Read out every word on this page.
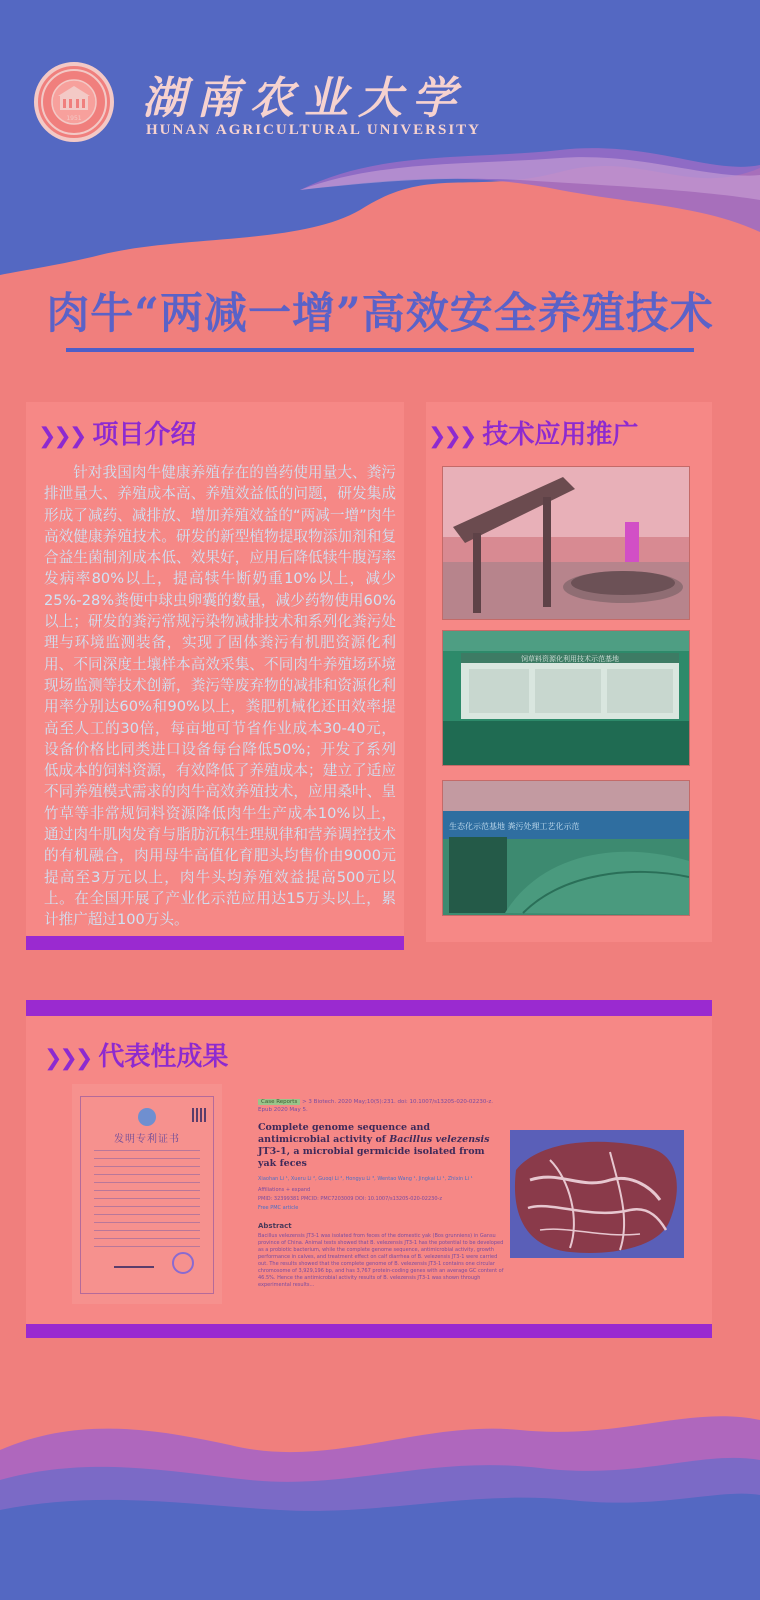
1951 湖南农业大学
HUNAN AGRICULTURAL UNIVERSITY
肉牛“两减一增”高效安全养殖技术
❯❯❯ 项目介绍

针对我国肉牛健康养殖存在的兽药使用量大、粪污排泄量大、养殖成本高、养殖效益低的问题，研发集成形成了减药、减排放、增加养殖效益的“两减一增”肉牛高效健康养殖技术。研发的新型植物提取物添加剂和复合益生菌制剂成本低、效果好，应用后降低犊牛腹泻率发病率80%以上，提高犊牛断奶重10%以上，减少25%-28%粪便中球虫卵囊的数量，减少药物使用60%以上；研发的粪污常规污染物减排技术和系列化粪污处理与环境监测装备，实现了固体粪污有机肥资源化利用、不同深度土壤样本高效采集、不同肉牛养殖场环境现场监测等技术创新，粪污等废弃物的减排和资源化利用率分别达60%和90%以上，粪肥机械化还田效率提高至人工的30倍，每亩地可节省作业成本30-40元，设备价格比同类进口设备每台降低50%；开发了系列低成本的饲料资源，有效降低了养殖成本；建立了适应不同养殖模式需求的肉牛高效养殖技术，应用桑叶、皇竹草等非常规饲料资源降低肉牛生产成本10%以上，通过肉牛肌肉发育与脂肪沉积生理规律和营养调控技术的有机融合，肉用母牛高值化育肥头均售价由9000元提高至3万元以上，肉牛头均养殖效益提高500元以上。在全国开展了产业化示范应用达15万头以上，累计推广超过100万头。

❯❯❯ 技术应用推广
饲草料资源化利用技术示范基地
生态化示范基地 粪污处理工艺化示范
❯❯❯ 代表性成果
发明专利证书
Case Reports > 3 Biotech. 2020 May;10(5):231. doi: 10.1007/s13205-020-02230-z. Epub 2020 May 5.
Complete genome sequence and antimicrobial activity of Bacillus velezensis JT3-1, a microbial germicide isolated from yak feces
Xiaohan Li ¹, Xueru Li ², Guoqi Li ², Hongyu Li ³, Wentao Wang ¹, Jingkai Li ¹, Zhixin Li ¹
Affiliations + expand
PMID: 32399381 PMCID: PMC7203009 DOI: 10.1007/s13205-020-02230-z
Free PMC article
Abstract
Bacillus velezensis JT3-1 was isolated from feces of the domestic yak (Bos grunniens) in Gansu province of China. Animal tests showed that B. velezensis JT3-1 has the potential to be developed as a probiotic bacterium, while the complete genome sequence, antimicrobial activity, growth performance in calves, and treatment effect on calf diarrhea of B. velezensis JT3-1 were carried out. The results showed that the complete genome of B. velezensis JT3-1 contains one circular chromosome of 3,929,196 bp, and has 3,767 protein-coding genes with an average GC content of 46.5%. Hence the antimicrobial activity results of B. velezensis JT3-1 was shown through experimental results...
